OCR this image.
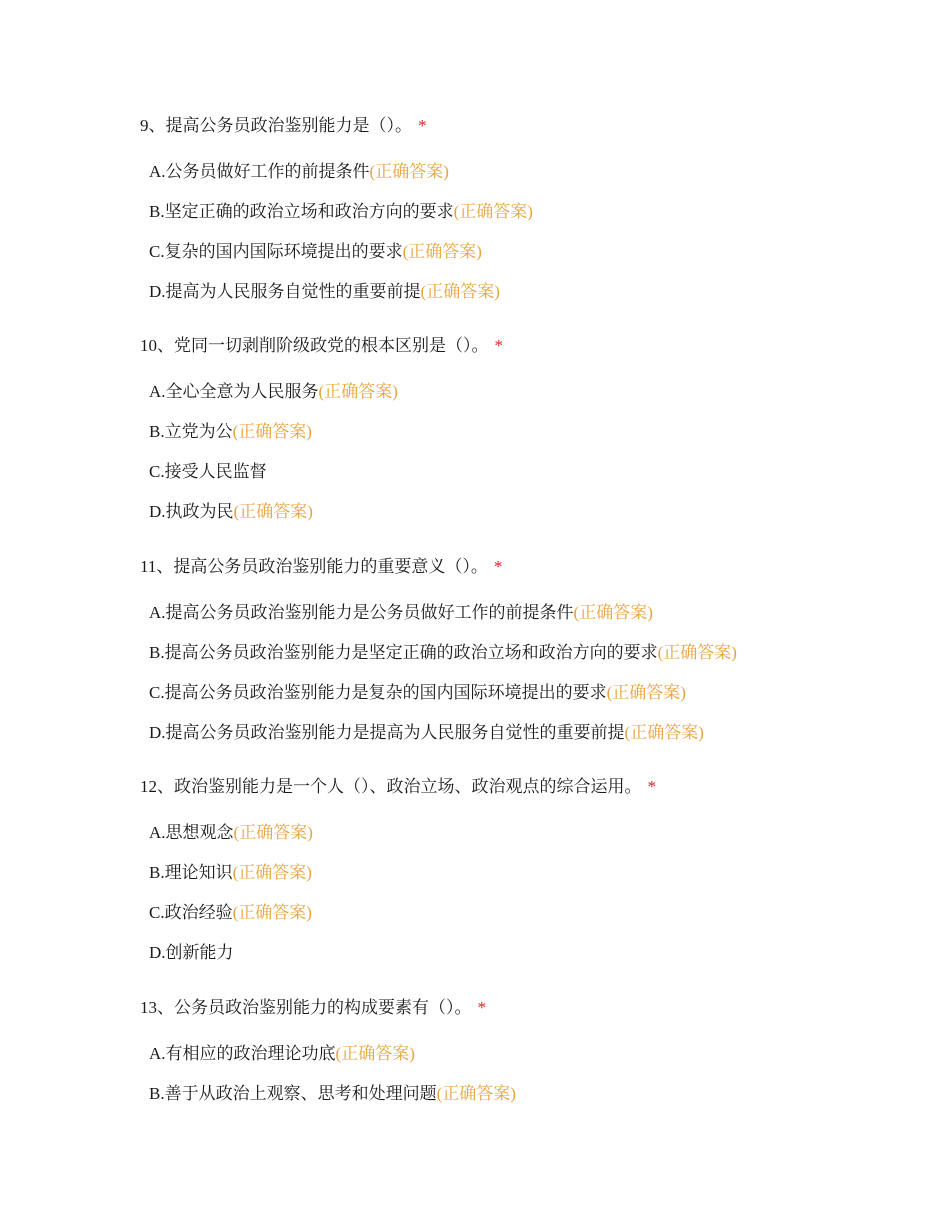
9、提高公务员政治鉴别能力是（）。 *

A.公务员做好工作的前提条件(正确答案)
B.坚定正确的政治立场和政治方向的要求(正确答案)
C.复杂的国内国际环境提出的要求(正确答案)
D.提高为人民服务自觉性的重要前提(正确答案)

10、党同一切剥削阶级政党的根本区别是（）。 *

A.全心全意为人民服务(正确答案)
B.立党为公(正确答案)
C.接受人民监督
D.执政为民(正确答案)

11、提高公务员政治鉴别能力的重要意义（）。 *

A.提高公务员政治鉴别能力是公务员做好工作的前提条件(正确答案)
B.提高公务员政治鉴别能力是坚定正确的政治立场和政治方向的要求(正确答案)
C.提高公务员政治鉴别能力是复杂的国内国际环境提出的要求(正确答案)
D.提高公务员政治鉴别能力是提高为人民服务自觉性的重要前提(正确答案)

12、政治鉴别能力是一个人（）、政治立场、政治观点的综合运用。 *

A.思想观念(正确答案)
B.理论知识(正确答案)
C.政治经验(正确答案)
D.创新能力

13、公务员政治鉴别能力的构成要素有（）。 *

A.有相应的政治理论功底(正确答案)
B.善于从政治上观察、思考和处理问题(正确答案)
